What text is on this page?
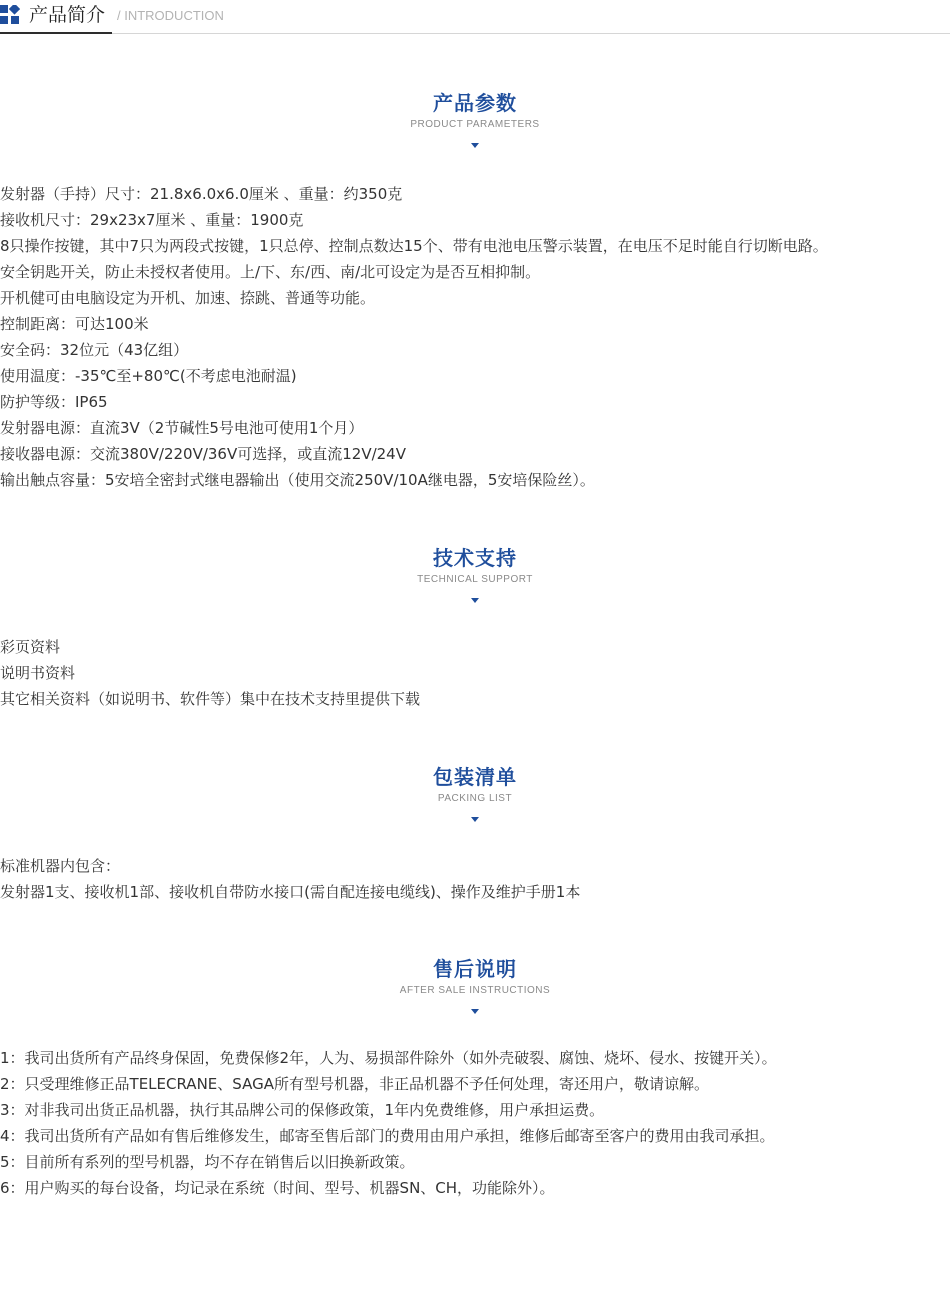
产品简介 / INTRODUCTION
产品参数
PRODUCT PARAMETERS
发射器（手持）尺寸：21.8x6.0x6.0厘米 、重量：约350克
接收机尺寸：29x23x7厘米 、重量：1900克
8只操作按键，其中7只为两段式按键，1只总停、控制点数达15个、带有电池电压警示装置，在电压不足时能自行切断电路。
安全钥匙开关，防止未授权者使用。上/下、东/西、南/北可设定为是否互相抑制。
开机健可由电脑设定为开机、加速、捺跳、普通等功能。
控制距离：可达100米
安全码：32位元（43亿组）
使用温度：-35℃至+80℃(不考虑电池耐温)
防护等级：IP65
发射器电源：直流3V（2节碱性5号电池可使用1个月）
接收器电源：交流380V/220V/36V可选择，或直流12V/24V
输出触点容量：5安培全密封式继电器输出（使用交流250V/10A继电器，5安培保险丝）。
技术支持
TECHNICAL SUPPORT
彩页资料
说明书资料
其它相关资料（如说明书、软件等）集中在技术支持里提供下载
包装清单
PACKING LIST
标准机器内包含：
发射器1支、接收机1部、接收机自带防水接口(需自配连接电缆线)、操作及维护手册1本
售后说明
AFTER SALE INSTRUCTIONS
1：我司出货所有产品终身保固，免费保修2年，人为、易损部件除外（如外壳破裂、腐蚀、烧坏、侵水、按键开关）。
2：只受理维修正品TELECRANE、SAGA所有型号机器，非正品机器不予任何处理，寄还用户，敬请谅解。
3：对非我司出货正品机器，执行其品牌公司的保修政策，1年内免费维修，用户承担运费。
4：我司出货所有产品如有售后维修发生，邮寄至售后部门的费用由用户承担，维修后邮寄至客户的费用由我司承担。
5：目前所有系列的型号机器，均不存在销售后以旧换新政策。
6：用户购买的每台设备，均记录在系统（时间、型号、机器SN、CH，功能除外）。
